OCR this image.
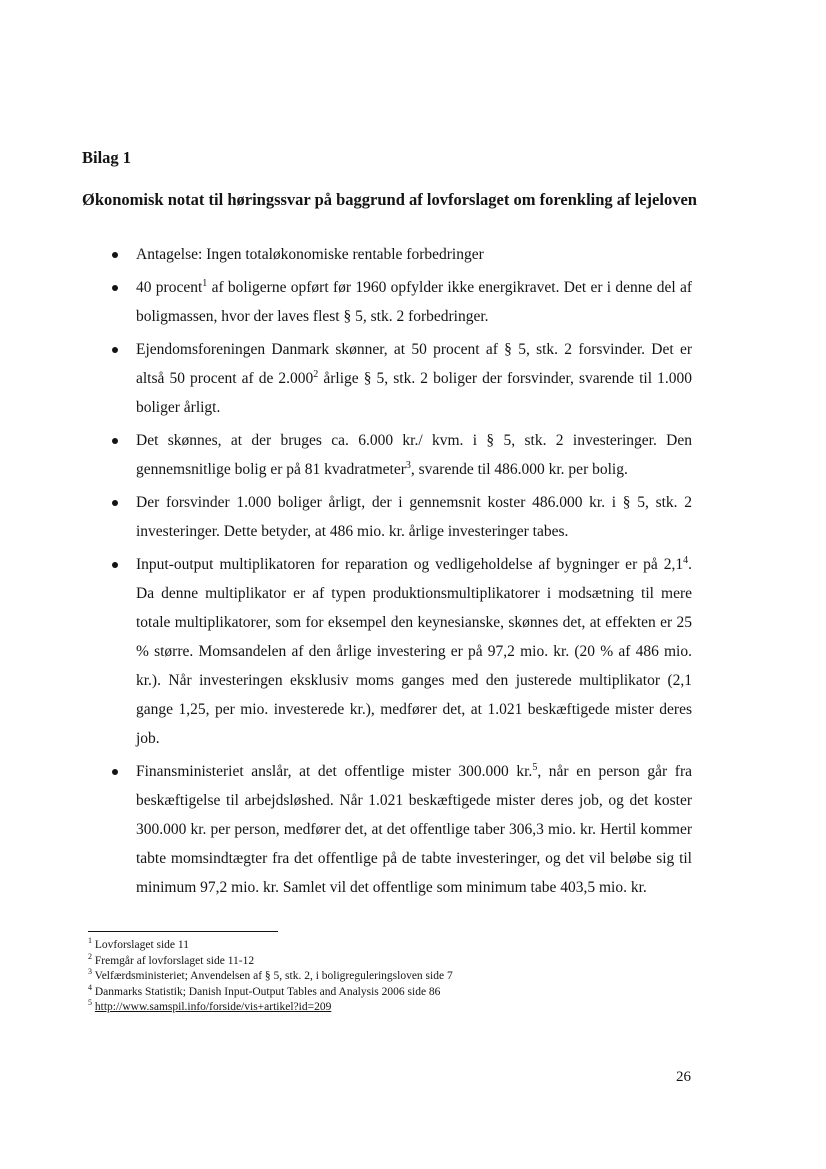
Bilag 1
Økonomisk notat til høringssvar på baggrund af lovforslaget om forenkling af lejeloven
Antagelse: Ingen totaløkonomiske rentable forbedringer
40 procent$^1$ af boligerne opført før 1960 opfylder ikke energikravet. Det er i denne del af boligmassen, hvor der laves flest § 5, stk. 2 forbedringer.
Ejendomsforeningen Danmark skønner, at 50 procent af § 5, stk. 2 forsvinder. Det er altså 50 procent af de 2.000$^2$ årlige § 5, stk. 2 boliger der forsvinder, svarende til 1.000 boliger årligt.
Det skønnes, at der bruges ca. 6.000 kr./ kvm. i § 5, stk. 2 investeringer. Den gennemsnitlige bolig er på 81 kvadratmeter$^3$, svarende til 486.000 kr. per bolig.
Der forsvinder 1.000 boliger årligt, der i gennemsnit koster 486.000 kr. i § 5, stk. 2 investeringer. Dette betyder, at 486 mio. kr. årlige investeringer tabes.
Input-output multiplikatoren for reparation og vedligeholdelse af bygninger er på $2,1^4$. Da denne multiplikator er af typen produktionsmultiplikatorer i modsætning til mere totale multiplikatorer, som for eksempel den keynesianske, skønnes det, at effekten er 25 % større. Momsandelen af den årlige investering er på 97,2 mio. kr. (20 % af 486 mio. kr.). Når investeringen eksklusiv moms ganges med den justerede multiplikator (2,1 gange 1,25, per mio. investerede kr.), medfører det, at 1.021 beskæftigede mister deres job.
Finansministeriet anslår, at det offentlige mister 300.000 kr.$^5$, når en person går fra beskæftigelse til arbejdsløshed. Når 1.021 beskæftigede mister deres job, og det koster 300.000 kr. per person, medfører det, at det offentlige taber 306,3 mio. kr. Hertil kommer tabte momsindtægter fra det offentlige på de tabte investeringer, og det vil beløbe sig til minimum 97,2 mio. kr. Samlet vil det offentlige som minimum tabe 403,5 mio. kr.
$^1$ Lovforslaget side 11
$^2$ Fremgår af lovforslaget side 11-12
$^3$ Velfærdsministeriet; Anvendelsen af § 5, stk. 2, i boligreguleringsloven side 7
$^4$ Danmarks Statistik; Danish Input-Output Tables and Analysis 2006 side 86
$^5$ http://www.samspil.info/forside/vis+artikel?id=209
26
